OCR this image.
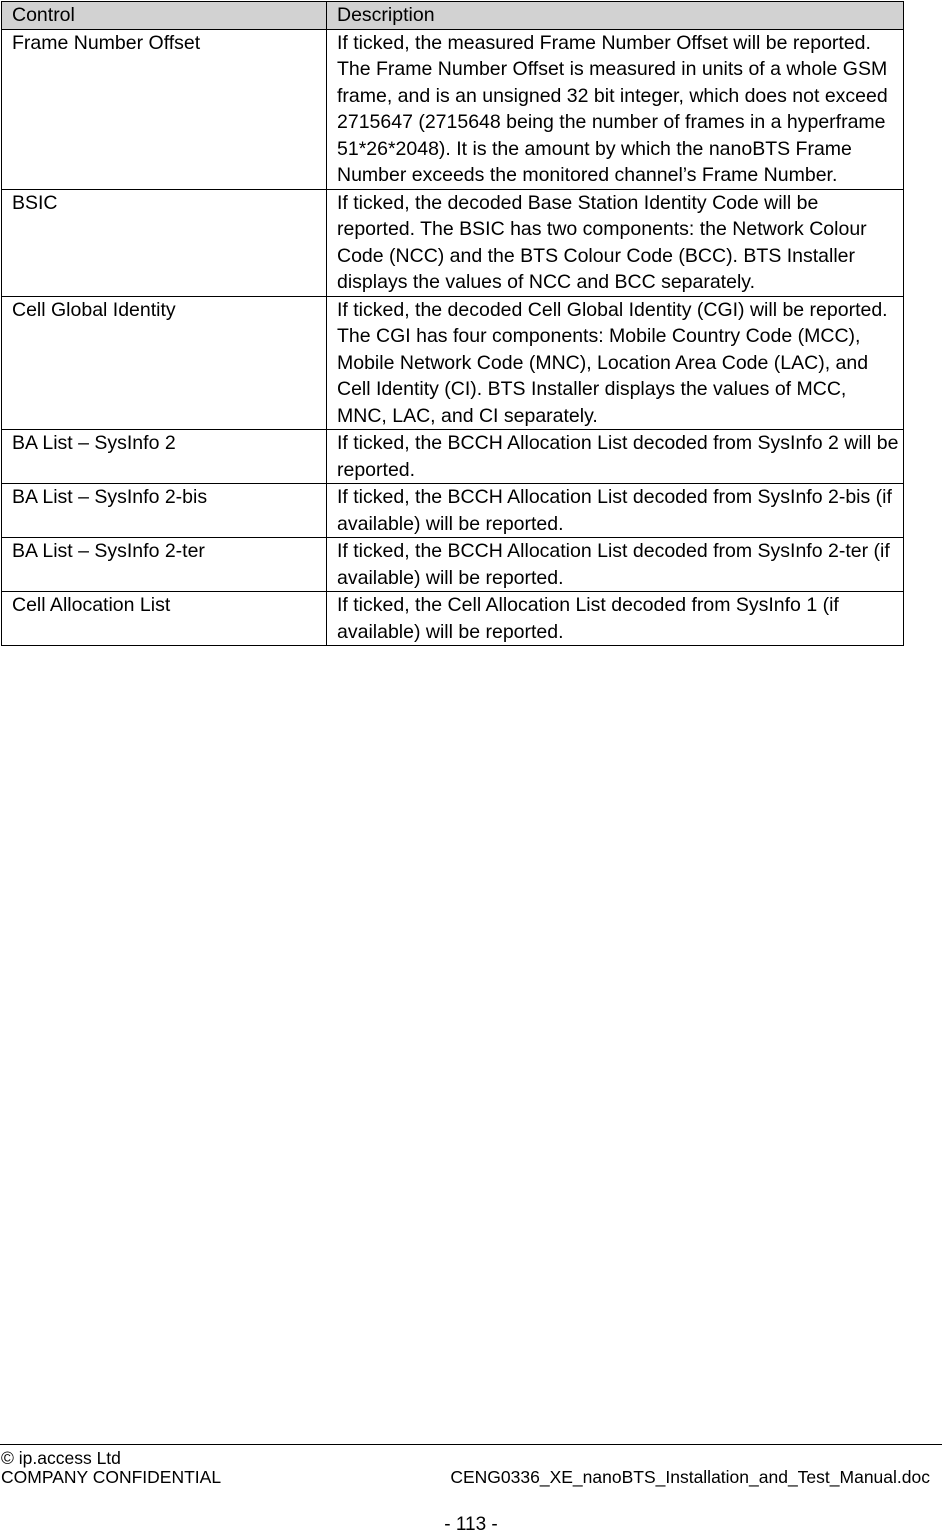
Control	Description
Frame Number Offset	If ticked, the measured Frame Number Offset will be reported. The Frame Number Offset is measured in units of a whole GSM frame, and is an unsigned 32 bit integer, which does not exceed 2715647 (2715648 being the number of frames in a hyperframe 51*26*2048). It is the amount by which the nanoBTS Frame Number exceeds the monitored channel’s Frame Number.
BSIC	If ticked, the decoded Base Station Identity Code will be reported. The BSIC has two components: the Network Colour Code (NCC) and the BTS Colour Code (BCC). BTS Installer displays the values of NCC and BCC separately.
Cell Global Identity	If ticked, the decoded Cell Global Identity (CGI) will be reported. The CGI has four components: Mobile Country Code (MCC), Mobile Network Code (MNC), Location Area Code (LAC), and Cell Identity (CI). BTS Installer displays the values of MCC, MNC, LAC, and CI separately.
BA List – SysInfo 2	If ticked, the BCCH Allocation List decoded from SysInfo 2 will be reported.
BA List – SysInfo 2-bis	If ticked, the BCCH Allocation List decoded from SysInfo 2-bis (if available) will be reported.
BA List – SysInfo 2-ter	If ticked, the BCCH Allocation List decoded from SysInfo 2-ter (if available) will be reported.
Cell Allocation List	If ticked, the Cell Allocation List decoded from SysInfo 1 (if available) will be reported.
© ip.access Ltd
COMPANY CONFIDENTIAL	CENG0336_XE_nanoBTS_Installation_and_Test_Manual.doc
- 113 -
